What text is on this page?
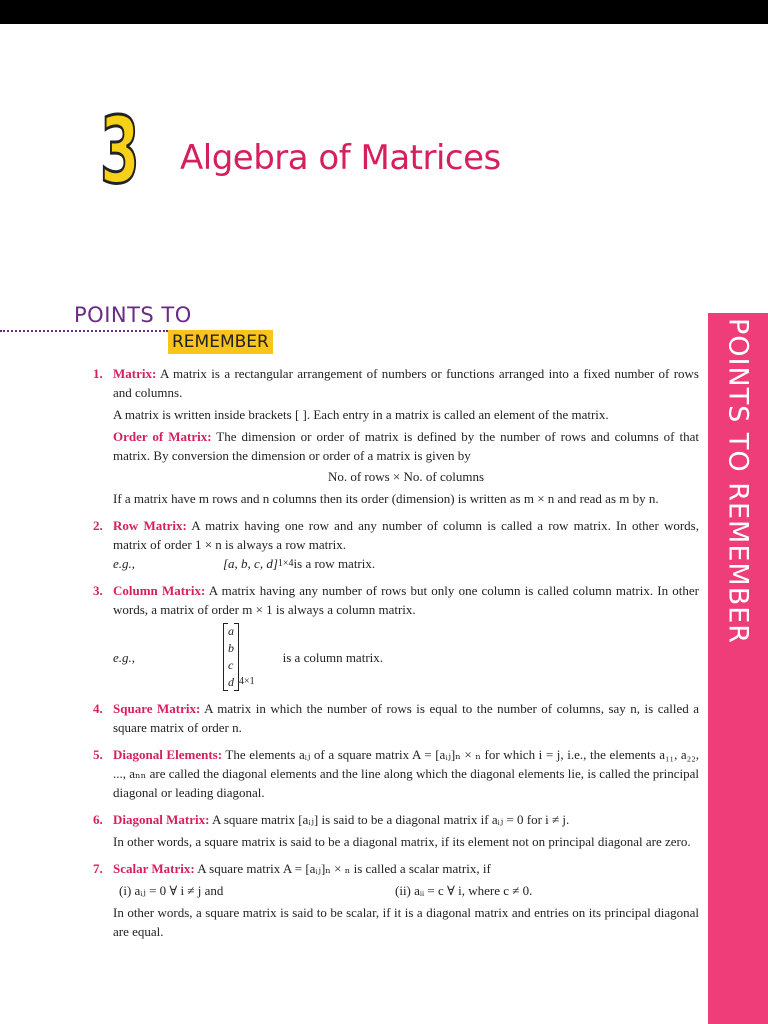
3 Algebra of Matrices
POINTS TO
REMEMBER	POINTS TO REMEMBER
1. Matrix: A matrix is a rectangular arrangement of numbers or functions arranged into a fixed number of rows and columns.
A matrix is written inside brackets [ ]. Each entry in a matrix is called an element of the matrix.
Order of Matrix: The dimension or order of matrix is defined by the number of rows and columns of that matrix. By conversion the dimension or order of a matrix is given by
No. of rows × No. of columns
If a matrix have m rows and n columns then its order (dimension) is written as m × n and read as m by n.
2. Row Matrix: A matrix having one row and any number of column is called a row matrix. In other words, matrix of order 1 × n is always a row matrix.
e.g.,	[a, b, c, d] 1×4 is a row matrix.
3. Column Matrix: A matrix having any number of rows but only one column is called column matrix. In other words, a matrix of order m × 1 is always a column matrix.
e.g.,
a
b
c
d 4×1
is a column matrix.
4. Square Matrix: A matrix in which the number of rows is equal to the number of columns, say n, is called a square matrix of order n.
5. Diagonal Elements: The elements aᵢⱼ of a square matrix A = [aᵢⱼ]ₙ × ₙ for which i = j, i.e., the elements a₁₁, a₂₂, ..., aₙₙ are called the diagonal elements and the line along which the diagonal elements lie, is called the principal diagonal or leading diagonal.
6. Diagonal Matrix: A square matrix [aᵢⱼ] is said to be a diagonal matrix if aᵢⱼ = 0 for i ≠ j.
In other words, a square matrix is said to be a diagonal matrix, if its element not on principal diagonal are zero.
7. Scalar Matrix: A square matrix A = [aᵢⱼ]ₙ × ₙ is called a scalar matrix, if
(i) aᵢⱼ = 0 ∀ i ≠ j and	(ii) aᵢᵢ = c ∀ i, where c ≠ 0.
In other words, a square matrix is said to be scalar, if it is a diagonal matrix and entries on its principal diagonal are equal.
